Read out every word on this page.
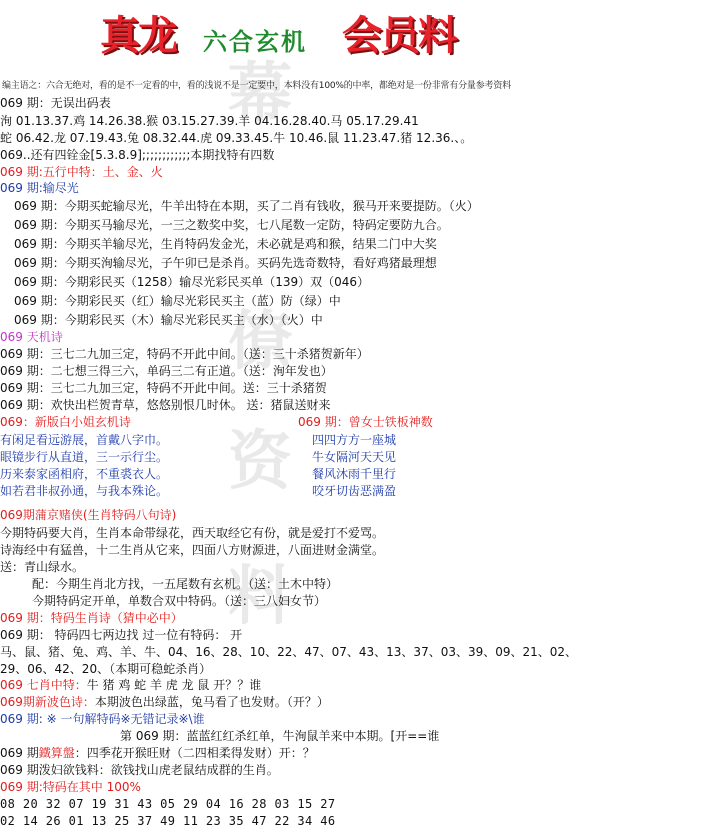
幕
僚
资
料
真龙 六合玄机 会员料
编主语之：六合无绝对，看的是不一定看的中，看的浅说不是一定要中，本料没有100%的中率，都绝对是一份非常有分量参考资料
069 期：无误出码表
洵 01.13.37.鸡 14.26.38.猴 03.15.27.39.羊 04.16.28.40.马 05.17.29.41
蛇 06.42.龙 07.19.43.兔 08.32.44.虎 09.33.45.牛 10.46.鼠 11.23.47.猪 12.36.、。
069..还有四铨金[5.3.8.9];;;;;;;;;;;;本期找特有四数
069 期:五行中特：土、金、火
069 期:输尽光
069 期：今期买蛇输尽光，牛羊出特在本期，买了二肖有钱收，猴马开来要提防。（火）
069 期：今期买马输尽光，一三之数奖中奖，七八尾数一定防，特码定要防九合。
069 期：今期买羊输尽光，生肖特码发金光，未必就是鸡和猴，结果二门中大奖
069 期：今期买洵输尽光，子午卯已是杀肖。买码先选奇数特，看好鸡猪最理想
069 期：今期彩民买（1258）输尽光彩民买单（139）双（046）
069 期：今期彩民买（红）输尽光彩民买主（蓝）防（绿）中
069 期：今期彩民买（木）输尽光彩民买主（水）（火）中
069 天机诗
069 期：三七二九加三定，特码不开此中间。（送：三十杀猪贺新年）
069 期：二七想三得三六，单码三二有正道。（送：洵年发也）
069 期：三七二九加三定，特码不开此中间。送：三十杀猪贺
069 期：欢快出栏贺青草，悠悠别恨几时休。 送：猪鼠送财来
069：新版白小姐玄机诗	069 期：曾女士铁板神数
有闲足看远游展，首戴八字巾。
眼镜步行从直道，三一示行尘。
历来泰家函相府，不重裘衣人。
如若君非叔孙通，与我本殊论。
四四方方一座城
牛女隔河天天见
餐风沐雨千里行
咬牙切齿恶满盈
069期蒲京赌侠(生肖特码八句诗)
今期特码要大肖，生肖本命带绿花，西天取经它有份，就是爱打不爱骂。
诗海经中有猛兽，十二生肖从它来，四面八方财源进，八面进财金满堂。
送：青山绿水。
配：今期生肖北方找，一五尾数有玄机。（送：土木中特）
今期特码定开单，单数合双中特码。（送：三八妇女节）
069 期：特码生肖诗（猜中必中）
069 期： 特码四七两边找 过一位有特码： 开
马、鼠、猪、兔、鸡、羊、牛、04、16、28、10、22、47、07、43、13、37、03、39、09、21、02、
29、06、42、20、（本期可稳蛇杀肖）
069 七肖中特：牛 猪 鸡 蛇 羊 虎 龙 鼠 开？？谁
069期新波色诗：本期波色出绿蓝，兔马看了也发财。（开？）
069 期: ※ 一句解特码※无错记录※\谁
第 069 期：蓝蓝红红杀红单，牛洵鼠羊来中本期。[开==谁
069 期鐵算盤：四季花开猴旺财（二四相柔得发财）开：？
069 期泼妇欲钱料：欲钱找山虎老鼠结成群的生肖。
069 期:特码在其中 100%
08 20 32 07 19 31 43 05 29 04 16 28 03 15 27
02 14 26 01 13 25 37 49 11 23 35 47 22 34 46
